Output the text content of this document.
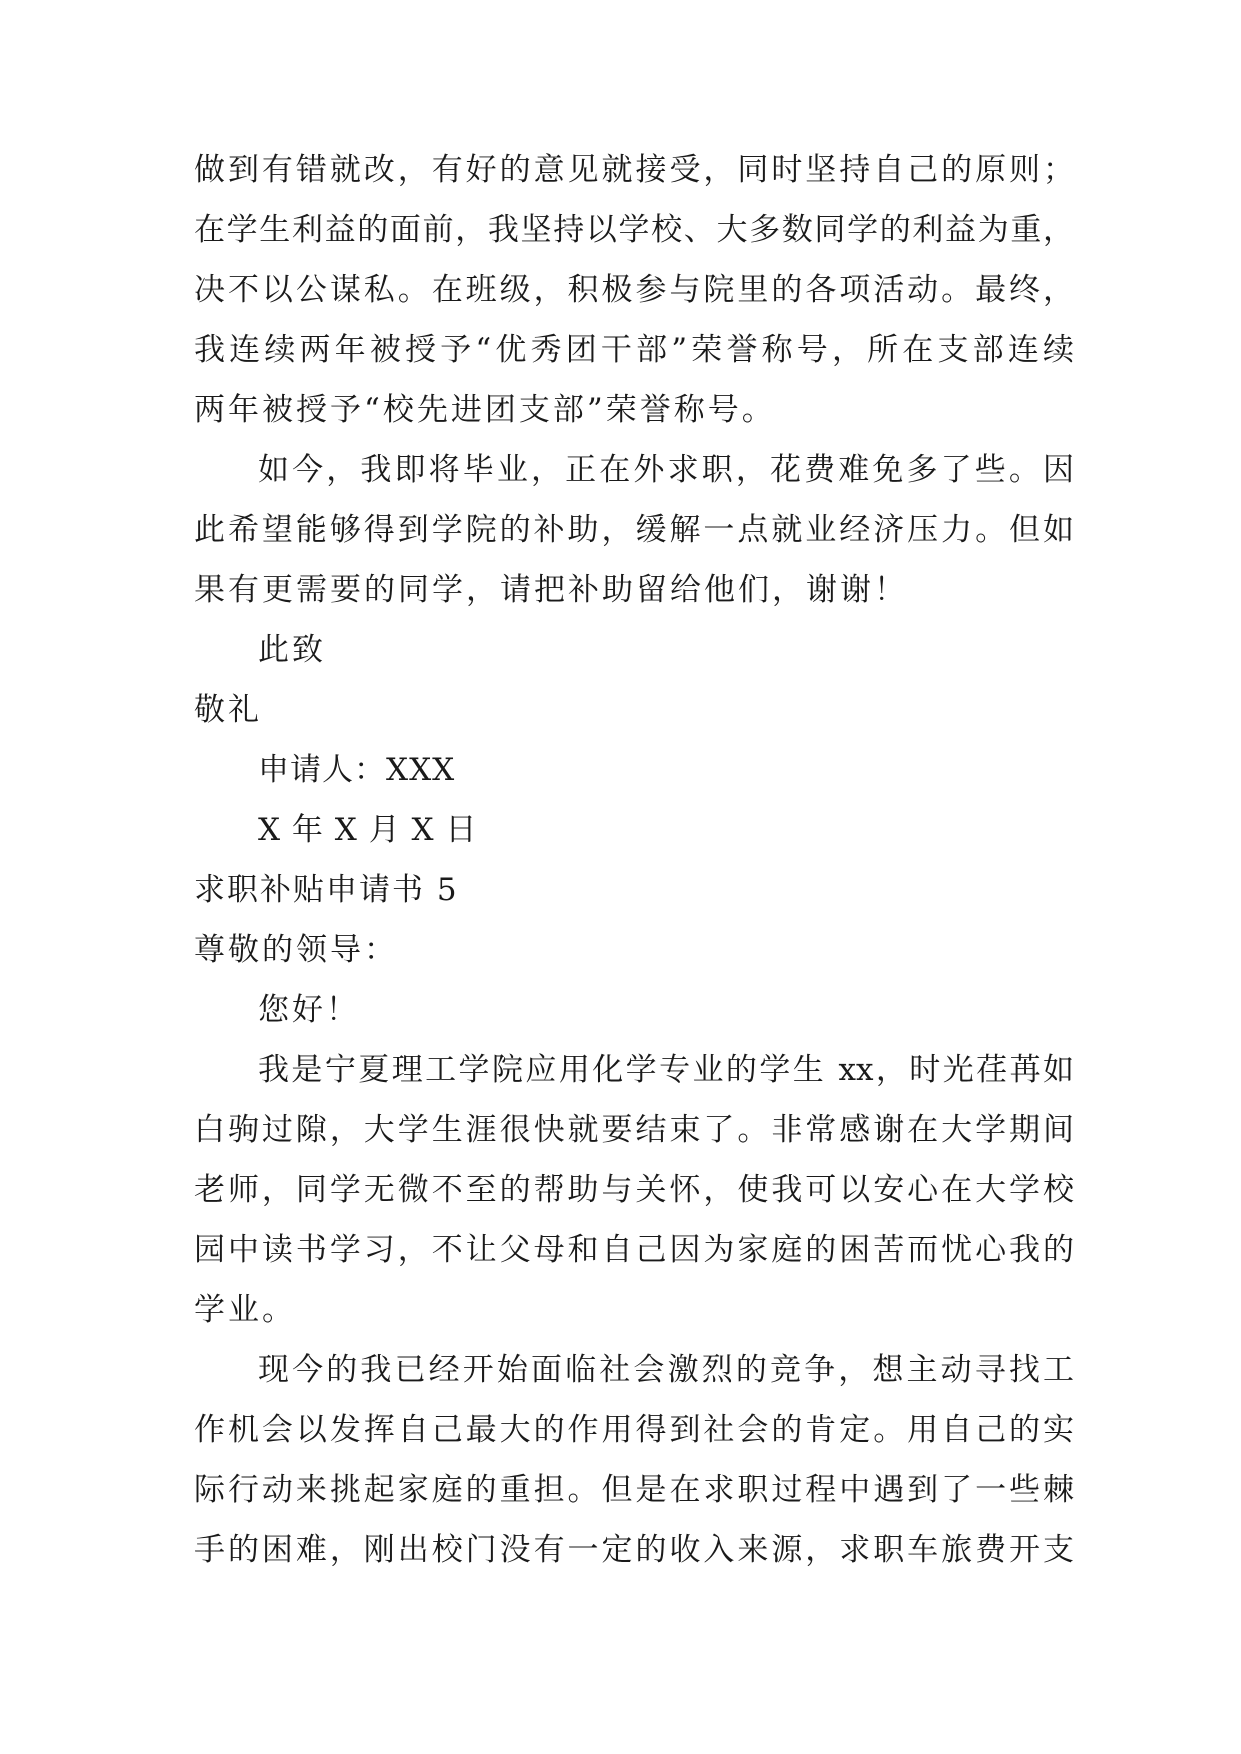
做到有错就改，有好的意见就接受，同时坚持自己的原则；
在学生利益的面前，我坚持以学校、大多数同学的利益为重，
决不以公谋私。在班级，积极参与院里的各项活动。最终，
我连续两年被授予“优秀团干部”荣誉称号，所在支部连续
两年被授予“校先进团支部”荣誉称号。
如今，我即将毕业，正在外求职，花费难免多了些。因
此希望能够得到学院的补助，缓解一点就业经济压力。但如
果有更需要的同学，请把补助留给他们，谢谢！
此致
敬礼
申请人：XXX
X 年 X 月 X 日
求职补贴申请书 5
尊敬的领导：
您好！
我是宁夏理工学院应用化学专业的学生 xx，时光荏苒如
白驹过隙，大学生涯很快就要结束了。非常感谢在大学期间
老师，同学无微不至的帮助与关怀，使我可以安心在大学校
园中读书学习，不让父母和自己因为家庭的困苦而忧心我的
学业。
现今的我已经开始面临社会激烈的竞争，想主动寻找工
作机会以发挥自己最大的作用得到社会的肯定。用自己的实
际行动来挑起家庭的重担。但是在求职过程中遇到了一些棘
手的困难，刚出校门没有一定的收入来源，求职车旅费开支
